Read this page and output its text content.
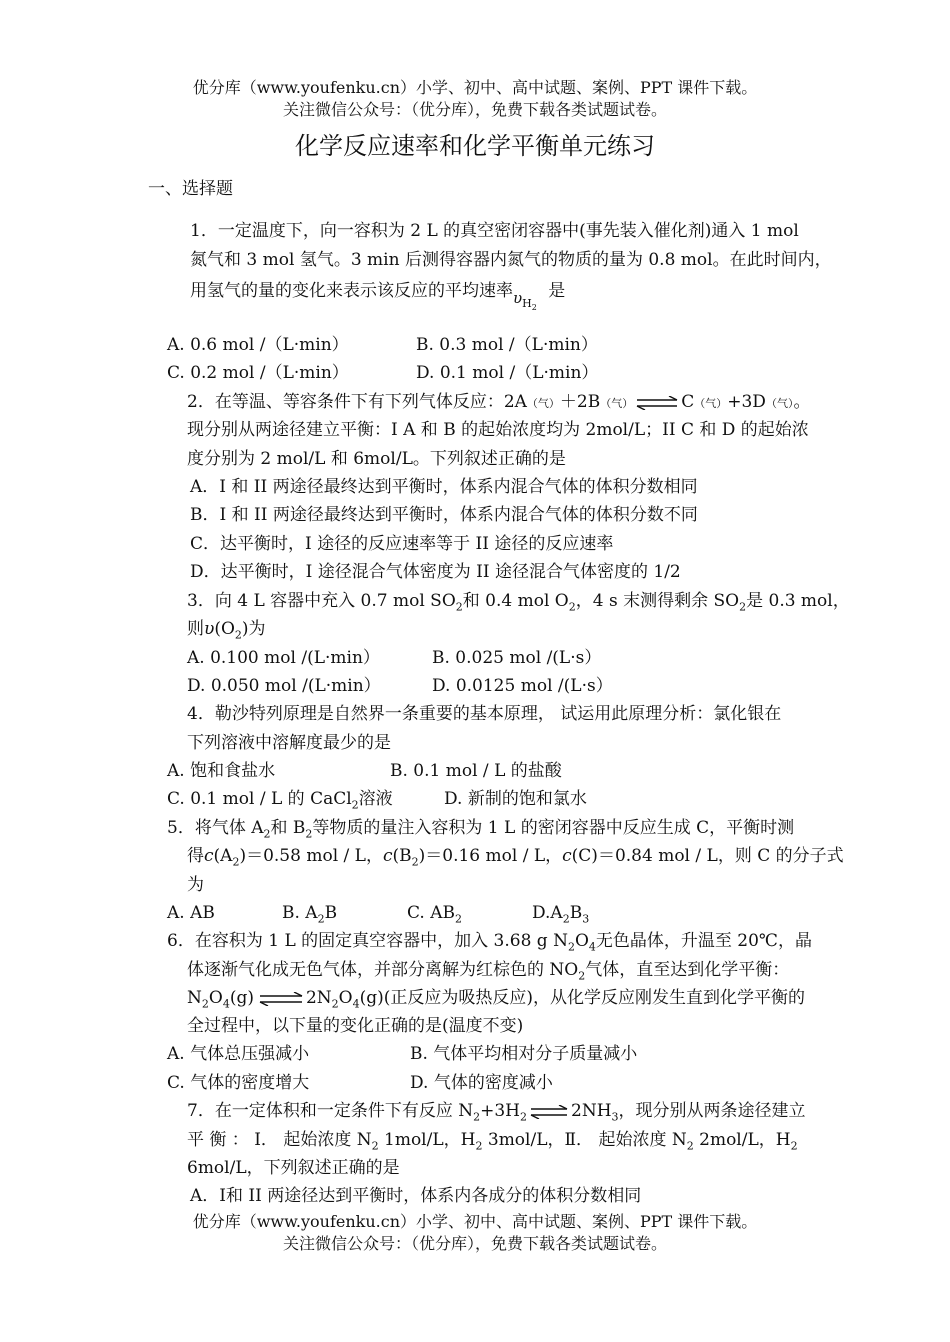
优分库（www.youfenku.cn）小学、初中、高中试题、案例、PPT 课件下载。
关注微信公众号：（优分库），免费下载各类试题试卷。
化学反应速率和化学平衡单元练习
一、选择题
1．一定温度下，向一容积为 2 L 的真空密闭容器中(事先装入催化剂)通入 1 mol
氮气和 3 mol 氢气。3 min 后测得容器内氮气的物质的量为 0.8 mol。在此时间内，
用氢气的量的变化来表示该反应的平均速率$\upsilon_{H2}$ 是
A. 0.6 mol /（L·min）	B. 0.3 mol /（L·min）
C. 0.2 mol /（L·min）	D. 0.1 mol /（L·min）
2．在等温、等容条件下有下列气体反应：2A（气）＋2B（气） ⇌ C（气）+3D（气）。
现分别从两途径建立平衡：I A 和 B 的起始浓度均为 2mol/L；II C 和 D 的起始浓
度分别为 2 mol/L 和 6mol/L。下列叙述正确的是
A．I 和 II 两途径最终达到平衡时，体系内混合气体的体积分数相同
B．I 和 II 两途径最终达到平衡时，体系内混合气体的体积分数不同
C．达平衡时，I 途径的反应速率等于 II 途径的反应速率
D．达平衡时，I 途径混合气体密度为 II 途径混合气体密度的 1/2
3．向 4 L 容器中充入 0.7 mol $SO_2$和 0.4 mol $O_2$，4 s 末测得剩余 $SO_2$是 0.3 mol，
则$\upsilon(O_2)$为
A. 0.100 mol /(L·min）	B. 0.025 mol /(L·s）
D. 0.050 mol /(L·min）	D. 0.0125 mol /(L·s）
4．勒沙特列原理是自然界一条重要的基本原理， 试运用此原理分析：氯化银在
下列溶液中溶解度最少的是
A. 饱和食盐水	B. 0.1 mol / L 的盐酸
C. 0.1 mol / L 的 CaCl$_2$溶液	D. 新制的饱和氯水
5．将气体 $A_2$和 $B_2$等物质的量注入容积为 1 L 的密闭容器中反应生成 C，平衡时测
得$c(A_2)=0.58$ mol / L，$c(B_2)=0.16$ mol / L，c(C)＝0.84 mol / L，则 C 的分子式
为
A. AB	B. $A_2B$	C. $AB_2$	$D.A_2B_3$
6．在容积为 1 L 的固定真空容器中，加入 3.68 g $N_2O_4$无色晶体，升温至 20℃，晶
体逐渐气化成无色气体，并部分离解为红棕色的 $NO_2$气体，直至达到化学平衡：
$N_2O_4(g)$ ⇌ $2N_2O_4(g)$(正反应为吸热反应)，从化学反应刚发生直到化学平衡的
全过程中，以下量的变化正确的是(温度不变)
A. 气体总压强减小	B. 气体平均相对分子质量减小
C. 气体的密度增大	D. 气体的密度减小
7．在一定体积和一定条件下有反应 $N_2+3H_2$ ⇌ $2NH_3$，现分别从两条途径建立
平 衡 ： Ⅰ． 起始浓度 $N_2$ 1mol/L，$H_2$ 3mol/L，Ⅱ． 起始浓度 $N_2$ 2mol/L，$H_2$
6mol/L，下列叙述正确的是
A．Ⅰ和 II 两途径达到平衡时，体系内各成分的体积分数相同
优分库（www.youfenku.cn）小学、初中、高中试题、案例、PPT 课件下载。
关注微信公众号：（优分库），免费下载各类试题试卷。
